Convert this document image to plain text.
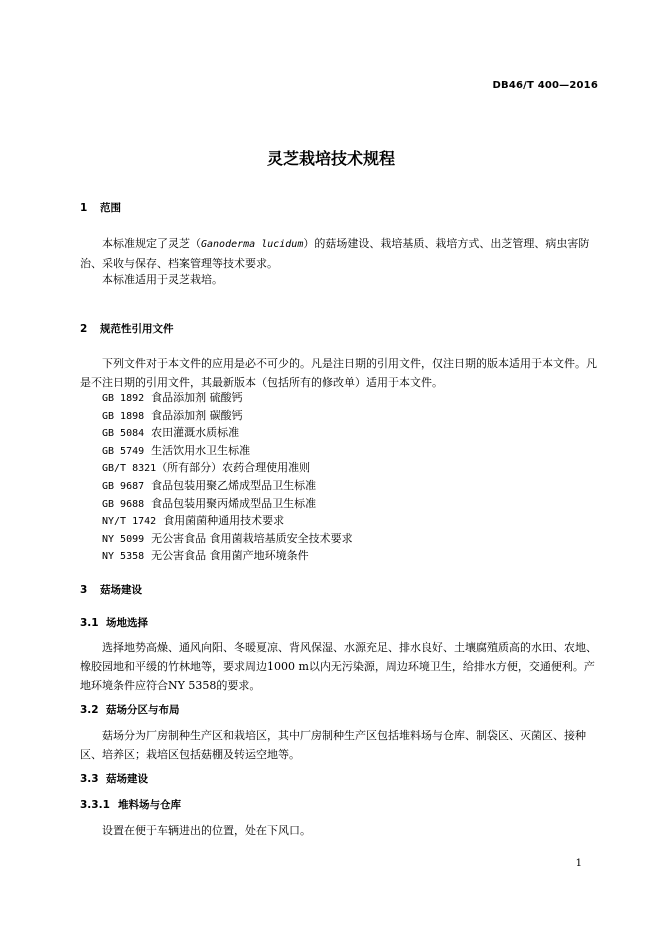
DB46/T 400—2016
灵芝栽培技术规程
1 范围
本标准规定了灵芝（Ganoderma lucidum）的菇场建设、栽培基质、栽培方式、出芝管理、病虫害防治、采收与保存、档案管理等技术要求。
本标准适用于灵芝栽培。
2 规范性引用文件
下列文件对于本文件的应用是必不可少的。凡是注日期的引用文件，仅注日期的版本适用于本文件。凡是不注日期的引用文件，其最新版本（包括所有的修改单）适用于本文件。
GB 1892 食品添加剂 硫酸钙
GB 1898 食品添加剂 碳酸钙
GB 5084 农田灌溉水质标准
GB 5749 生活饮用水卫生标准
GB/T 8321（所有部分）农药合理使用准则
GB 9687 食品包装用聚乙烯成型品卫生标准
GB 9688 食品包装用聚丙烯成型品卫生标准
NY/T 1742 食用菌菌种通用技术要求
NY 5099 无公害食品 食用菌栽培基质安全技术要求
NY 5358 无公害食品 食用菌产地环境条件
3 菇场建设
3.1 场地选择
选择地势高燥、通风向阳、冬暖夏凉、背风保湿、水源充足、排水良好、土壤腐殖质高的水田、农地、橡胶园地和平缓的竹林地等，要求周边1000 m以内无污染源，周边环境卫生，给排水方便，交通便利。产地环境条件应符合NY 5358的要求。
3.2 菇场分区与布局
菇场分为厂房制种生产区和栽培区，其中厂房制种生产区包括堆料场与仓库、制袋区、灭菌区、接种区、培养区；栽培区包括菇棚及转运空地等。
3.3 菇场建设
3.3.1 堆料场与仓库
设置在便于车辆进出的位置，处在下风口。
1
